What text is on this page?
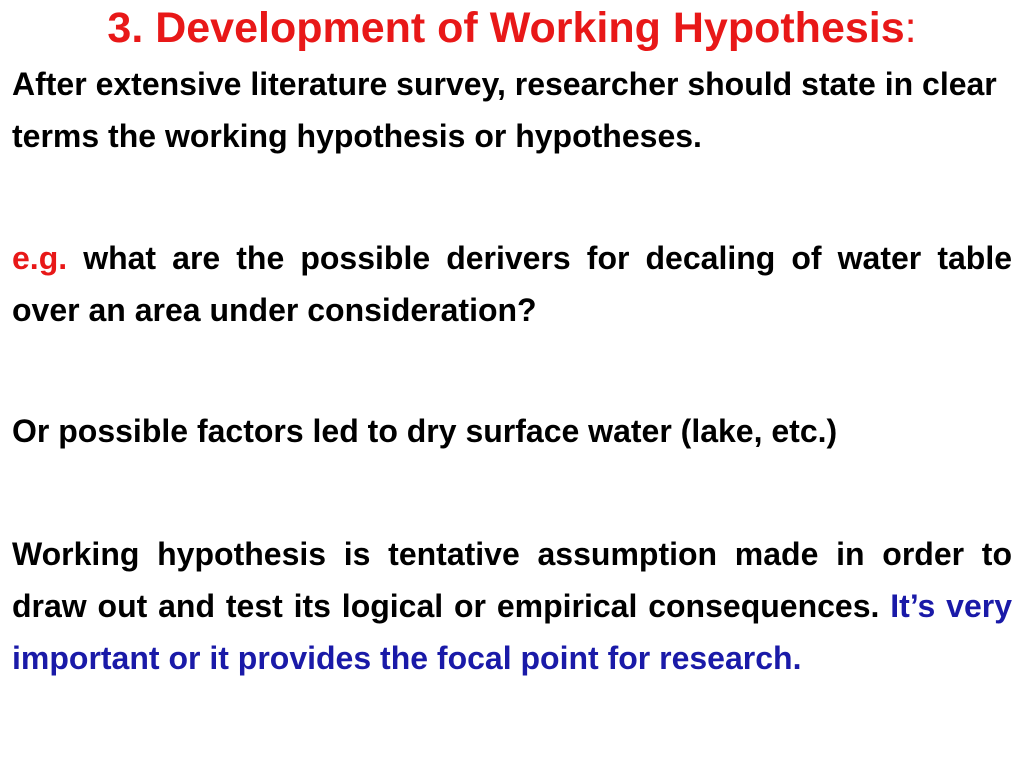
3. Development of Working Hypothesis:

After extensive literature survey, researcher should state in clear terms the working hypothesis or hypotheses.

e.g. what are the possible derivers for decaling of water table over an area under consideration?

Or possible factors led to dry surface water (lake, etc.)

Working hypothesis is tentative assumption made in order to draw out and test its logical or empirical consequences. It’s very important or it provides the focal point for research.
